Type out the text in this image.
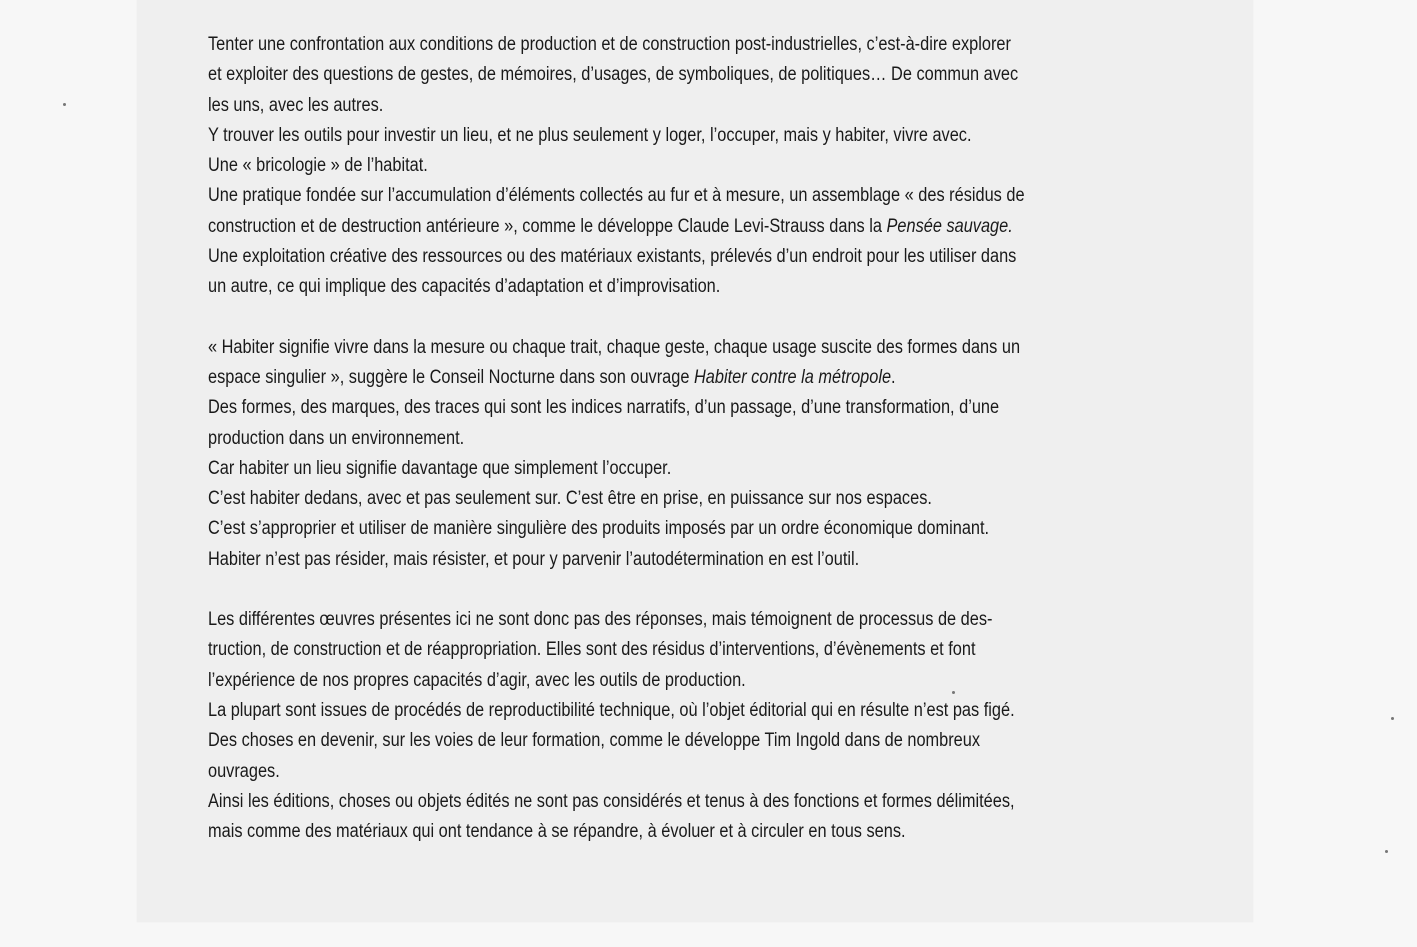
Tenter une confrontation aux conditions de production et de construction post-industrielles, c’est-à-dire explorer
et exploiter des questions de gestes, de mémoires, d’usages, de symboliques, de politiques… De commun avec
les uns, avec les autres.
Y trouver les outils pour investir un lieu, et ne plus seulement y loger, l’occuper, mais y habiter, vivre avec.
Une « bricologie » de l’habitat.
Une pratique fondée sur l’accumulation d’éléments collectés au fur et à mesure, un assemblage « des résidus de
construction et de destruction antérieure », comme le développe Claude Levi-Strauss dans la Pensée sauvage.
Une exploitation créative des ressources ou des matériaux existants, prélevés d’un endroit pour les utiliser dans
un autre, ce qui implique des capacités d’adaptation et d’improvisation.
« Habiter signifie vivre dans la mesure ou chaque trait, chaque geste, chaque usage suscite des formes dans un
espace singulier », suggère le Conseil Nocturne dans son ouvrage Habiter contre la métropole.
Des formes, des marques, des traces qui sont les indices narratifs, d’un passage, d’une transformation, d’une
production dans un environnement.
Car habiter un lieu signifie davantage que simplement l’occuper.
C’est habiter dedans, avec et pas seulement sur. C’est être en prise, en puissance sur nos espaces.
C’est s’approprier et utiliser de manière singulière des produits imposés par un ordre économique dominant.
Habiter n’est pas résider, mais résister, et pour y parvenir l’autodétermination en est l’outil.
Les différentes œuvres présentes ici ne sont donc pas des réponses, mais témoignent de processus de des-
truction, de construction et de réappropriation. Elles sont des résidus d’interventions, d’évènements et font
l’expérience de nos propres capacités d’agir, avec les outils de production.
La plupart sont issues de procédés de reproductibilité technique, où l’objet éditorial qui en résulte n’est pas figé.
Des choses en devenir, sur les voies de leur formation, comme le développe Tim Ingold dans de nombreux
ouvrages.
Ainsi les éditions, choses ou objets édités ne sont pas considérés et tenus à des fonctions et formes délimitées,
mais comme des matériaux qui ont tendance à se répandre, à évoluer et à circuler en tous sens.
